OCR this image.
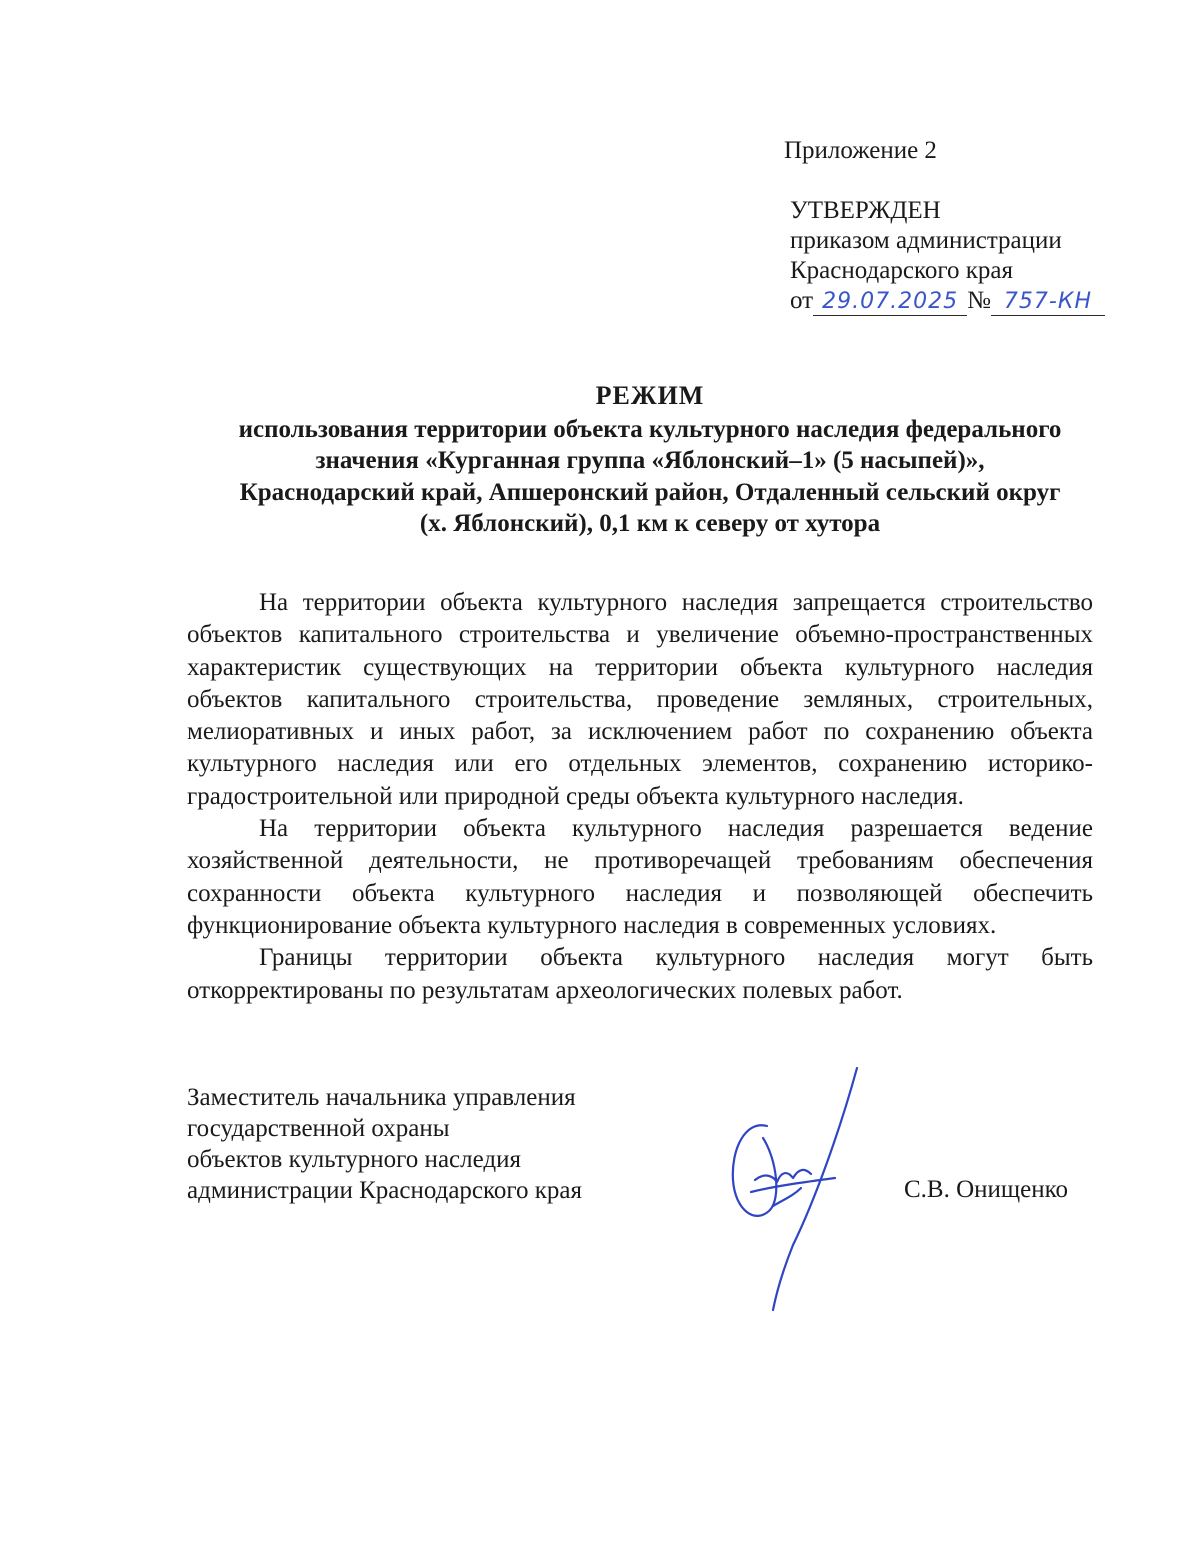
Приложение 2
УТВЕРЖДЕН
приказом администрации
Краснодарского края
от 29.07.2025 № 757-КН
РЕЖИМ
использования территории объекта культурного наследия федерального
значения «Курганная группа «Яблонский–1» (5 насыпей)»,
Краснодарский край, Апшеронский район, Отдаленный сельский округ
(х. Яблонский), 0,1 км к северу от хутора

На территории объекта культурного наследия запрещается строительство объектов капитального строительства и увеличение объемно-пространственных характеристик существующих на территории объекта культурного наследия объектов капитального строительства, проведение земляных, строительных, мелиоративных и иных работ, за исключением работ по сохранению объекта культурного наследия или его отдельных элементов, сохранению историко-градостроительной или природной среды объекта культурного наследия.

На территории объекта культурного наследия разрешается ведение хозяйственной деятельности, не противоречащей требованиям обеспечения сохранности объекта культурного наследия и позволяющей обеспечить функционирование объекта культурного наследия в современных условиях.

Границы территории объекта культурного наследия могут быть откорректированы по результатам археологических полевых работ.

Заместитель начальника управления
государственной охраны
объектов культурного наследия
администрации Краснодарского края	С.В. Онищенко
